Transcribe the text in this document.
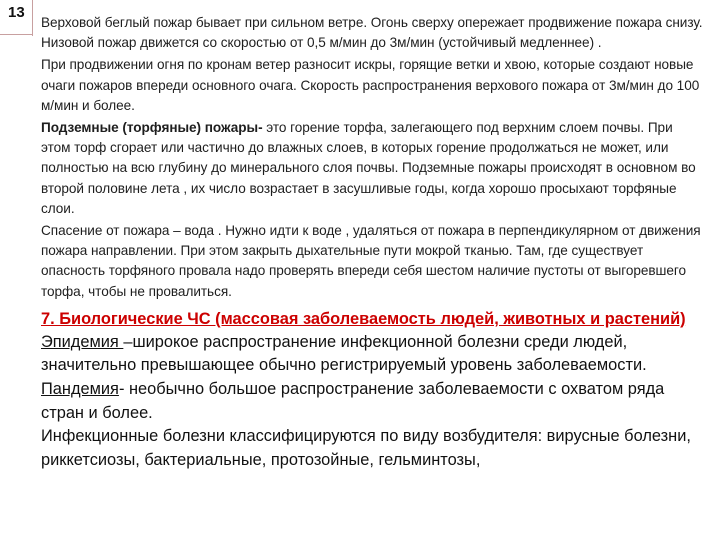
13

Верховой беглый пожар бывает при сильном ветре. Огонь сверху опережает продвижение пожара снизу. Низовой пожар движется со скоростью от 0,5 м/мин до 3м/мин (устойчивый медленнее) .

При продвижении огня по кронам ветер разносит искры, горящие ветки и хвою, которые создают новые очаги пожаров впереди основного очага. Скорость распространения верхового пожара от 3м/мин до 100 м/мин и более.

Подземные (торфяные) пожары- это горение торфа, залегающего под верхним слоем почвы. При этом торф сгорает или частично до влажных слоев, в которых горение продолжаться не может, или полностью на всю глубину до минерального слоя почвы. Подземные пожары происходят в основном во второй половине лета , их число возрастает в засушливые годы, когда хорошо просыхают торфяные слои.

Спасение от пожара – вода . Нужно идти к воде , удаляться от пожара в перпендикулярном от движения пожара направлении. При этом закрыть дыхательные пути мокрой тканью. Там, где существует опасность торфяного провала надо проверять впереди себя шестом наличие пустоты от выгоревшего торфа, чтобы не провалиться.

7. Биологические ЧС (массовая заболеваемость людей, животных и растений)

Эпидемия –широкое распространение инфекционной болезни среди людей, значительно превышающее обычно регистрируемый уровень заболеваемости.

Пандемия- необычно большое распространение заболеваемости с охватом ряда стран и более.

Инфекционные болезни классифицируются по виду возбудителя: вирусные болезни, риккетсиозы, бактериальные, протозойные, гельминтозы,
